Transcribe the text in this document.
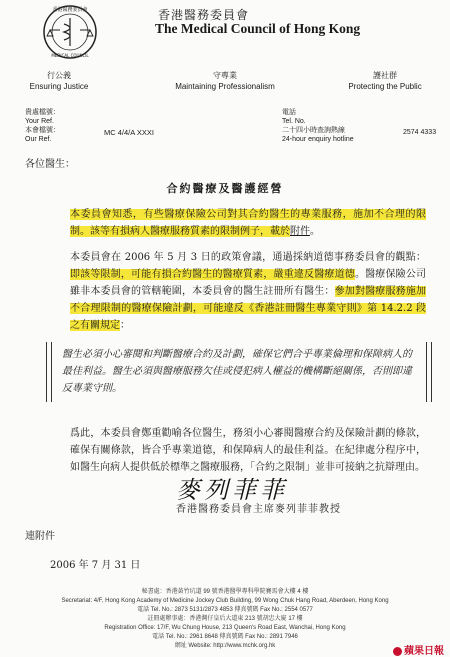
香港醫務委員會
MEDICAL COUNCIL
香港醫務委員會
The Medical Council of Hong Kong
行公義
Ensuring Justice
守專業
Maintaining Professionalism
護社群
Protecting the Public
貴處檔號：
Your Ref.
本會檔號：
Our Ref.
MC 4/4/A XXXI
電話
Tel. No.
二十四小時查詢熱線
24-hour enquiry hotline
2574 4333
各位醫生：
合約醫療及醫護經營
本委員會知悉，有些醫療保險公司對其合約醫生的專業服務，施加不合理的限制。該等有損病人醫療服務質素的限制例子，載於附件。
本委員會在 2006 年 5 月 3 日的政策會議，通過採納道德事務委員會的觀點：即該等限制，可能有損合約醫生的醫療質素，嚴重違反醫療道德。醫療保險公司雖非本委員會的管轄範圍，本委員會的醫生註冊所有醫生：參加對醫療服務施加不合理限制的醫療保險計劃，可能違反《香港註冊醫生專業守則》第 14.2.2 段之有關規定：
醫生必須小心審閱和判斷醫療合約及計劃，確保它們合乎專業倫理和保障病人的最佳利益。醫生必須與醫療服務欠佳或侵犯病人權益的機構斷絕關係，否則即違反專業守則。
爲此，本委員會鄭重勸喻各位醫生，務須小心審閱醫療合約及保險計劃的條款，確保有關條款，皆合乎專業道德，和保障病人的最佳利益。在紀律處分程序中，如醫生向病人提供低於標準之醫療服務，「合約之限制」並非可接納之抗辯理由。
麥列菲菲
香港醫務委員會主席麥列菲菲教授
連附件
2006 年 7 月 31 日
秘書處：香港黃竹坑道 99 號香港醫學專科學院賽馬會大樓 4 樓
Secretariat: 4/F, Hong Kong Academy of Medicine Jockey Club Building, 99 Wong Chuk Hang Road, Aberdeen, Hong Kong
電話 Tel. No.: 2873 5131/2873 4853 傳真號碼 Fax No.: 2554 0577
註冊處辦事處：香港灣仔皇后大道東 213 號胡忠大廈 17 樓
Registration Office: 17/F, Wu Chung House, 213 Queen's Road East, Wanchai, Hong Kong
電話 Tel. No.: 2961 8648 傳真號碼 Fax No.: 2891 7946
網址 Website: http://www.mchk.org.hk	蘋果日報
